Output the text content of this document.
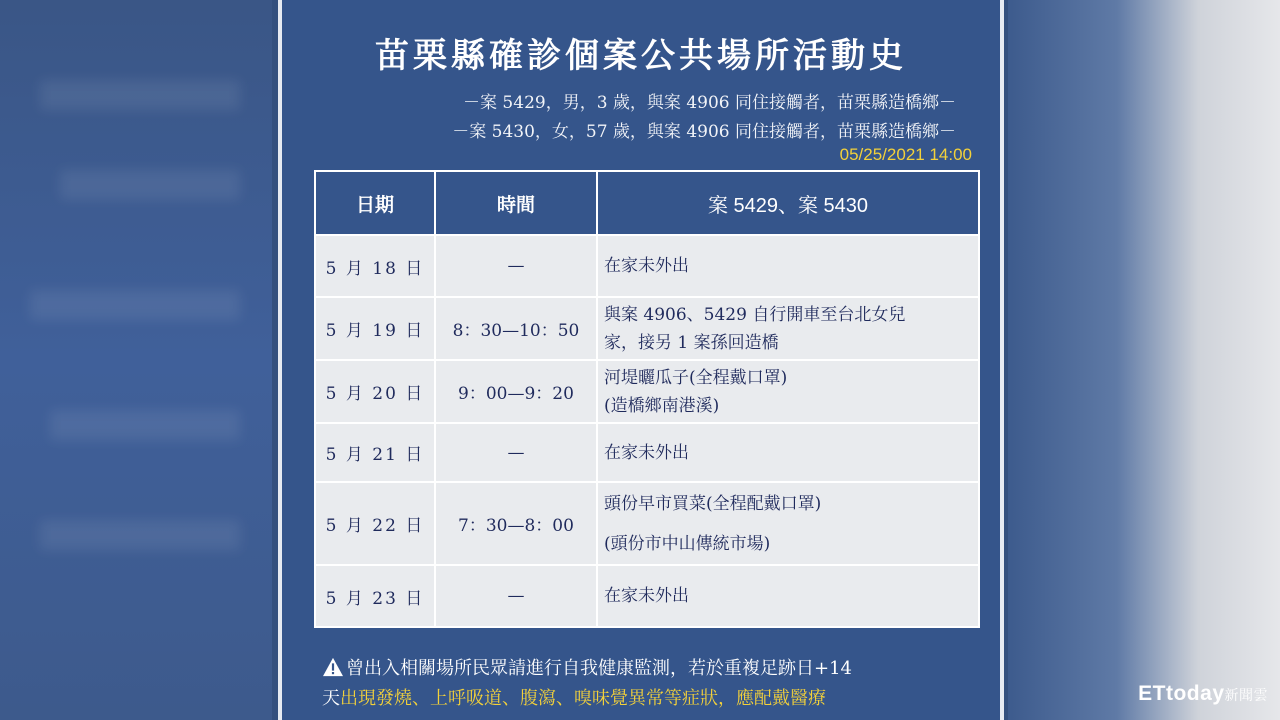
苗栗縣確診個案公共場所活動史
－案 5429，男，3 歲，與案 4906 同住接觸者，苗栗縣造橋鄉－
－案 5430，女，57 歲，與案 4906 同住接觸者，苗栗縣造橋鄉－
05/25/2021 14:00
日期	時間	案 5429、案 5430
5 月 18 日	—	在家未外出

5 月 19 日	8：30—10：50	與案 4906、5429 自行開車至台北女兒
家，接另 1 案孫回造橋

5 月 20 日	9：00—9：20	河堤曬瓜子(全程戴口罩)
(造橋鄉南港溪)

5 月 21 日	—	在家未外出

5 月 22 日	7：30—8：00	頭份早市買菜(全程配戴口罩)
(頭份市中山傳統市場)

5 月 23 日	—	在家未外出
曾出入相關場所民眾請進行自我健康監測，若於重複足跡日+14
天出現發燒、上呼吸道、腹瀉、嗅味覺異常等症狀，應配戴醫療	ETtoday新聞雲
